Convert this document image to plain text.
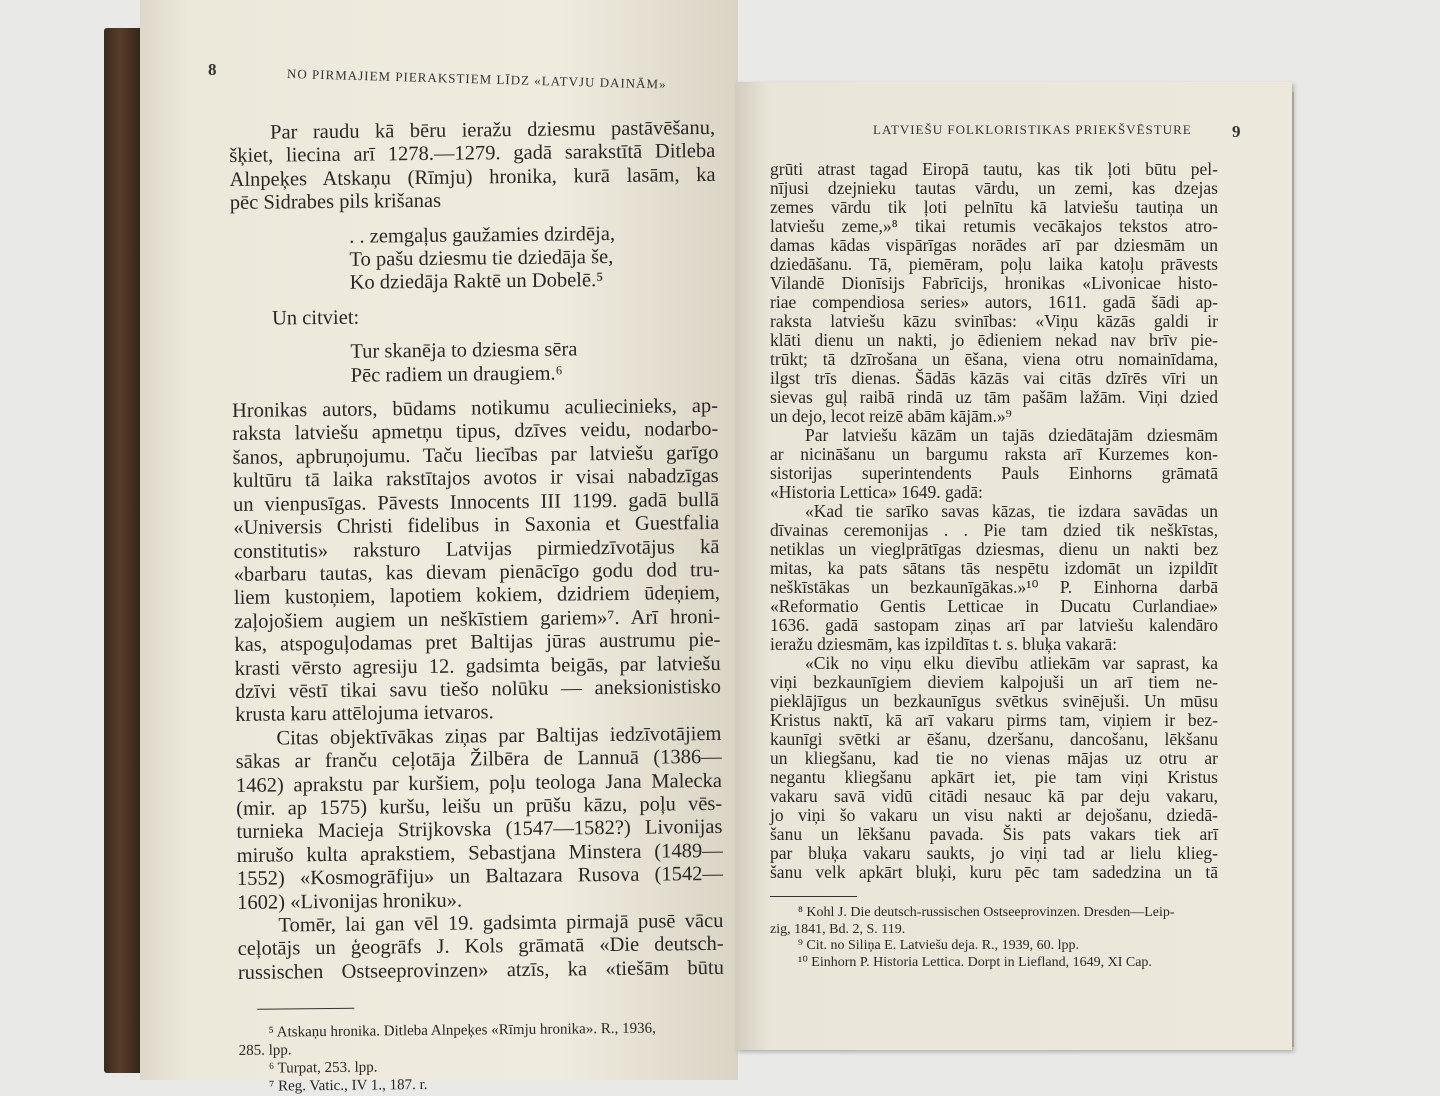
8	NO PIRMAJIEM PIERAKSTIEM LĪDZ «LATVJU DAINĀM»
Par raudu kā bēru ieražu dziesmu pastāvēšanu,
šķiet, liecina arī 1278.—1279. gadā sarakstītā Ditleba
Alnpeķes Atskaņu (Rīmju) hronika, kurā lasām, ka
pēc Sidrabes pils krišanas
. . zemgaļus gaužamies dzirdēja,
To pašu dziesmu tie dziedāja še,
Ko dziedāja Raktē un Dobelē.⁵
Un citviet:
Tur skanēja to dziesma sēra
Pēc radiem un draugiem.⁶
Hronikas autors, būdams notikumu aculiecinieks, ap-
raksta latviešu apmetņu tipus, dzīves veidu, nodarbo-
šanos, apbruņojumu. Taču liecības par latviešu garīgo
kultūru tā laika rakstītajos avotos ir visai nabadzīgas
un vienpusīgas. Pāvests Innocents III 1199. gadā bullā
«Universis Christi fidelibus in Saxonia et Guestfalia
constitutis» raksturo Latvijas pirmiedzīvotājus kā
«barbaru tautas, kas dievam pienācīgo godu dod tru-
liem kustoņiem, lapotiem kokiem, dzidriem ūdeņiem,
zaļojošiem augiem un neškīstiem gariem»⁷. Arī hroni-
kas, atspoguļodamas pret Baltijas jūras austrumu pie-
krasti vērsto agresiju 12. gadsimta beigās, par latviešu
dzīvi vēstī tikai savu tiešo nolūku — aneksionistisko
krusta karu attēlojuma ietvaros.
Citas objektīvākas ziņas par Baltijas iedzīvotājiem
sākas ar franču ceļotāja Žilbēra de Lannuā (1386—
1462) aprakstu par kuršiem, poļu teologa Jana Malecka
(mir. ap 1575) kuršu, leišu un prūšu kāzu, poļu vēs-
turnieka Macieja Strijkovska (1547—1582?) Livonijas
mirušo kulta aprakstiem, Sebastjana Minstera (1489—
1552) «Kosmogrāfiju» un Baltazara Rusova (1542—
1602) «Livonijas hroniku».
Tomēr, lai gan vēl 19. gadsimta pirmajā pusē vācu
ceļotājs un ģeogrāfs J. Kols grāmatā «Die deutsch-
russischen Ostseeprovinzen» atzīs, ka «tiešām būtu
⁵ Atskaņu hronika. Ditleba Alnpeķes «Rīmju hronika». R., 1936,
285. lpp.
⁶ Turpat, 253. lpp.
⁷ Reg. Vatic., IV 1., 187. r.
LATVIEŠU FOLKLORISTIKAS PRIEKŠVĒSTURE 9
grūti atrast tagad Eiropā tautu, kas tik ļoti būtu pel-
nījusi dzejnieku tautas vārdu, un zemi, kas dzejas
zemes vārdu tik ļoti pelnītu kā latviešu tautiņa un
latviešu zeme,»⁸ tikai retumis vecākajos tekstos atro-
damas kādas vispārīgas norādes arī par dziesmām un
dziedāšanu. Tā, piemēram, poļu laika katoļu prāvests
Vilandē Dionīsijs Fabrīcijs, hronikas «Livonicae histo-
riae compendiosa series» autors, 1611. gadā šādi ap-
raksta latviešu kāzu svinības: «Viņu kāzās galdi ir
klāti dienu un nakti, jo ēdieniem nekad nav brīv pie-
trūkt; tā dzīrošana un ēšana, viena otru nomainīdama,
ilgst trīs dienas. Šādās kāzās vai citās dzīrēs vīri un
sievas guļ raibā rindā uz tām pašām lažām. Viņi dzied
un dejo, lecot reizē abām kājām.»⁹
Par latviešu kāzām un tajās dziedātajām dziesmām
ar nicināšanu un bargumu raksta arī Kurzemes kon-
sistorijas superintendents Pauls Einhorns grāmatā
«Historia Lettica» 1649. gadā:
«Kad tie sarīko savas kāzas, tie izdara savādas un
dīvainas ceremonijas . . Pie tam dzied tik neškīstas,
netiklas un vieglprātīgas dziesmas, dienu un nakti bez
mitas, ka pats sātans tās nespētu izdomāt un izpildīt
neškīstākas un bezkaunīgākas.»¹⁰ P. Einhorna darbā
«Reformatio Gentis Letticae in Ducatu Curlandiae»
1636. gadā sastopam ziņas arī par latviešu kalendāro
ieražu dziesmām, kas izpildītas t. s. bluķa vakarā:
«Cik no viņu elku dievību atliekām var saprast, ka
viņi bezkaunīgiem dieviem kalpojuši un arī tiem ne-
pieklājīgus un bezkaunīgus svētkus svinējuši. Un mūsu
Kristus naktī, kā arī vakaru pirms tam, viņiem ir bez-
kaunīgi svētki ar ēšanu, dzeršanu, dancošanu, lēkšanu
un kliegšanu, kad tie no vienas mājas uz otru ar
negantu kliegšanu apkārt iet, pie tam viņi Kristus
vakaru savā vidū citādi nesauc kā par deju vakaru,
jo viņi šo vakaru un visu nakti ar dejošanu, dziedā-
šanu un lēkšanu pavada. Šis pats vakars tiek arī
par bluķa vakaru saukts, jo viņi tad ar lielu klieg-
šanu velk apkārt bluķi, kuru pēc tam sadedzina un tā
⁸ Kohl J. Die deutsch-russischen Ostseeprovinzen. Dresden—Leip-
zig, 1841, Bd. 2, S. 119.
⁹ Cit. no Siliņa E. Latviešu deja. R., 1939, 60. lpp.
¹⁰ Einhorn P. Historia Lettica. Dorpt in Liefland, 1649, XI Cap.
